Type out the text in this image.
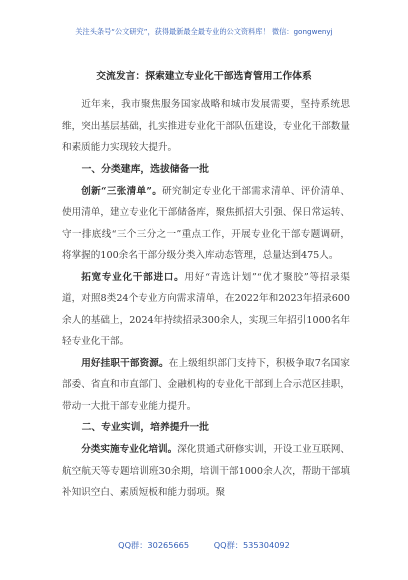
关注头条号“公文研究”，获得最新最全最专业的公文资料库！ 微信：gongwenyj
交流发言：探索建立专业化干部选育管用工作体系

近年来，我市聚焦服务国家战略和城市发展需要，坚持系统思维，突出基层基础，扎实推进专业化干部队伍建设，专业化干部数量和素质能力实现较大提升。

一、分类建库，选拔储备一批

创新“三张清单”。研究制定专业化干部需求清单、评价清单、使用清单，建立专业化干部储备库，聚焦抓招大引强、保日常运转、守一排底线“三个三分之一”重点工作，开展专业化干部专题调研，将掌握的100余名干部分级分类入库动态管理，总量达到475人。

拓宽专业化干部进口。用好“青选计划”“优才聚胶”等招录渠道，对照8类24个专业方向需求清单，在2022年和2023年招录600余人的基础上，2024年持续招录300余人，实现三年招引1000名年轻专业化干部。

用好挂职干部资源。在上级组织部门支持下，积极争取7名国家部委、省直和市直部门、金融机构的专业化干部到上合示范区挂职，带动一大批干部专业能力提升。

二、专业实训，培养提升一批

分类实施专业化培训。深化贯通式研修实训，开设工业互联网、航空航天等专题培训班30余期，培训干部1000余人次，帮助干部填补知识空白、素质短板和能力弱项。聚

QQ群：30265665	QQ群：535304092
